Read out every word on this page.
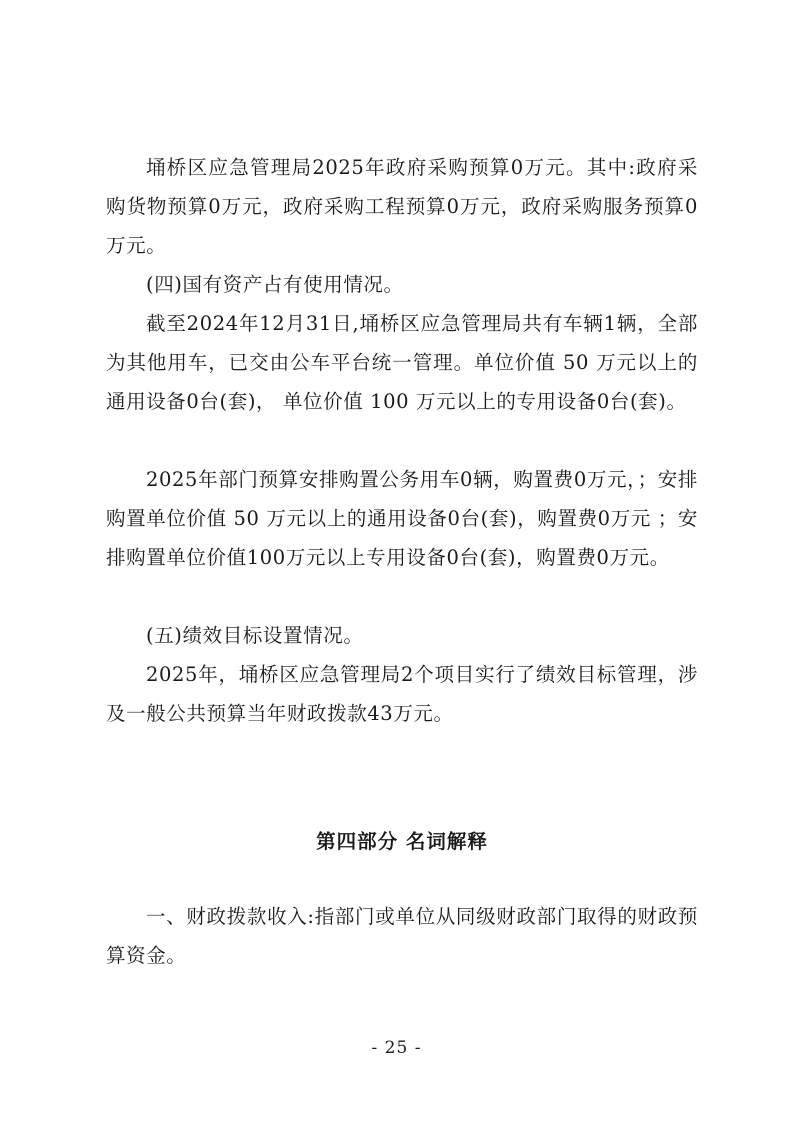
埇桥区应急管理局2025年政府采购预算0万元。其中:政府采购货物预算0万元，政府采购工程预算0万元，政府采购服务预算0万元。

(四)国有资产占有使用情况。

截至2024年12月31日,埇桥区应急管理局共有车辆1辆，全部为其他用车，已交由公车平台统一管理。单位价值 50 万元以上的通用设备0台(套)， 单位价值 100 万元以上的专用设备0台(套)。

2025年部门预算安排购置公务用车0辆，购置费0万元，；安排购置单位价值 50 万元以上的通用设备0台(套)，购置费0万元 ；安排购置单位价值100万元以上专用设备0台(套)，购置费0万元。

(五)绩效目标设置情况。

2025年，埇桥区应急管理局2个项目实行了绩效目标管理，涉及一般公共预算当年财政拨款43万元。

第四部分 名词解释

一、财政拨款收入:指部门或单位从同级财政部门取得的财政预算资金。

- 25 -
